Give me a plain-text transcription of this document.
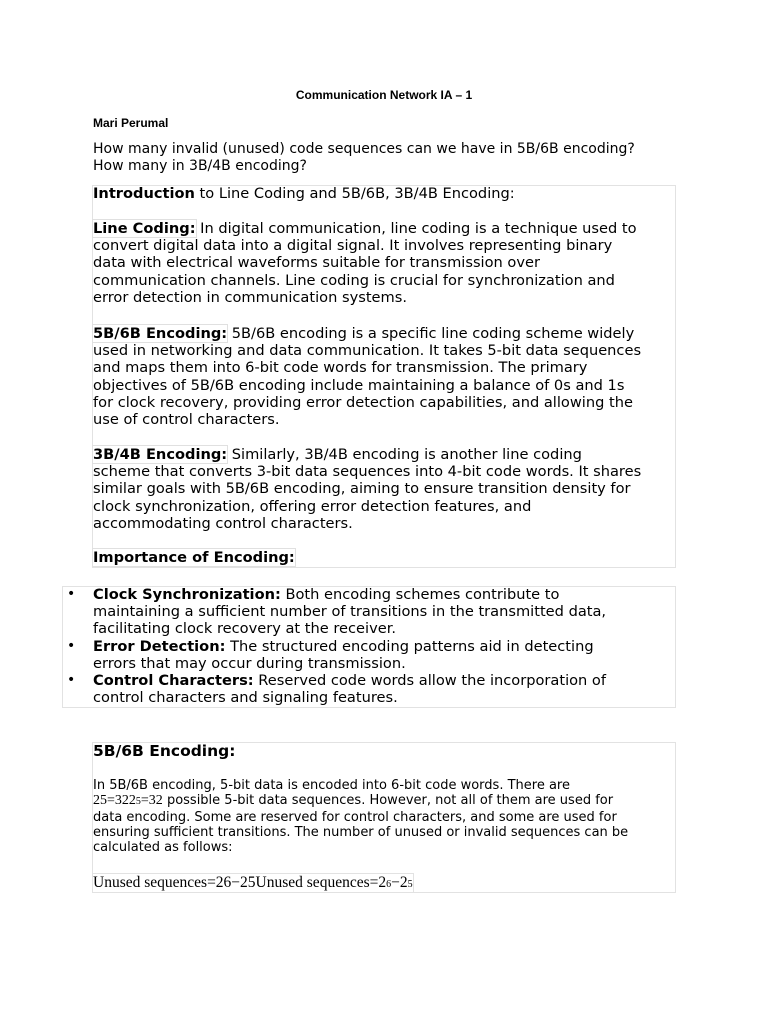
Communication Network IA – 1
Mari Perumal
How many invalid (unused) code sequences can we have in 5B/6B encoding?
How many in 3B/4B encoding?
Introduction to Line Coding and 5B/6B, 3B/4B Encoding:
Line Coding: In digital communication, line coding is a technique used to
convert digital data into a digital signal. It involves representing binary
data with electrical waveforms suitable for transmission over
communication channels. Line coding is crucial for synchronization and
error detection in communication systems.
5B/6B Encoding: 5B/6B encoding is a specific line coding scheme widely
used in networking and data communication. It takes 5-bit data sequences
and maps them into 6-bit code words for transmission. The primary
objectives of 5B/6B encoding include maintaining a balance of 0s and 1s
for clock recovery, providing error detection capabilities, and allowing the
use of control characters.
3B/4B Encoding: Similarly, 3B/4B encoding is another line coding
scheme that converts 3-bit data sequences into 4-bit code words. It shares
similar goals with 5B/6B encoding, aiming to ensure transition density for
clock synchronization, offering error detection features, and
accommodating control characters.
Importance of Encoding:
• Clock Synchronization: Both encoding schemes contribute to
maintaining a sufficient number of transitions in the transmitted data,
facilitating clock recovery at the receiver.
• Error Detection: The structured encoding patterns aid in detecting
errors that may occur during transmission.
• Control Characters: Reserved code words allow the incorporation of
control characters and signaling features.
5B/6B Encoding:
In 5B/6B encoding, 5-bit data is encoded into 6-bit code words. There are
25=3225=32 possible 5-bit data sequences. However, not all of them are used for
data encoding. Some are reserved for control characters, and some are used for
ensuring sufficient transitions. The number of unused or invalid sequences can be
calculated as follows:
Unused sequences=26−25Unused sequences=26−25
